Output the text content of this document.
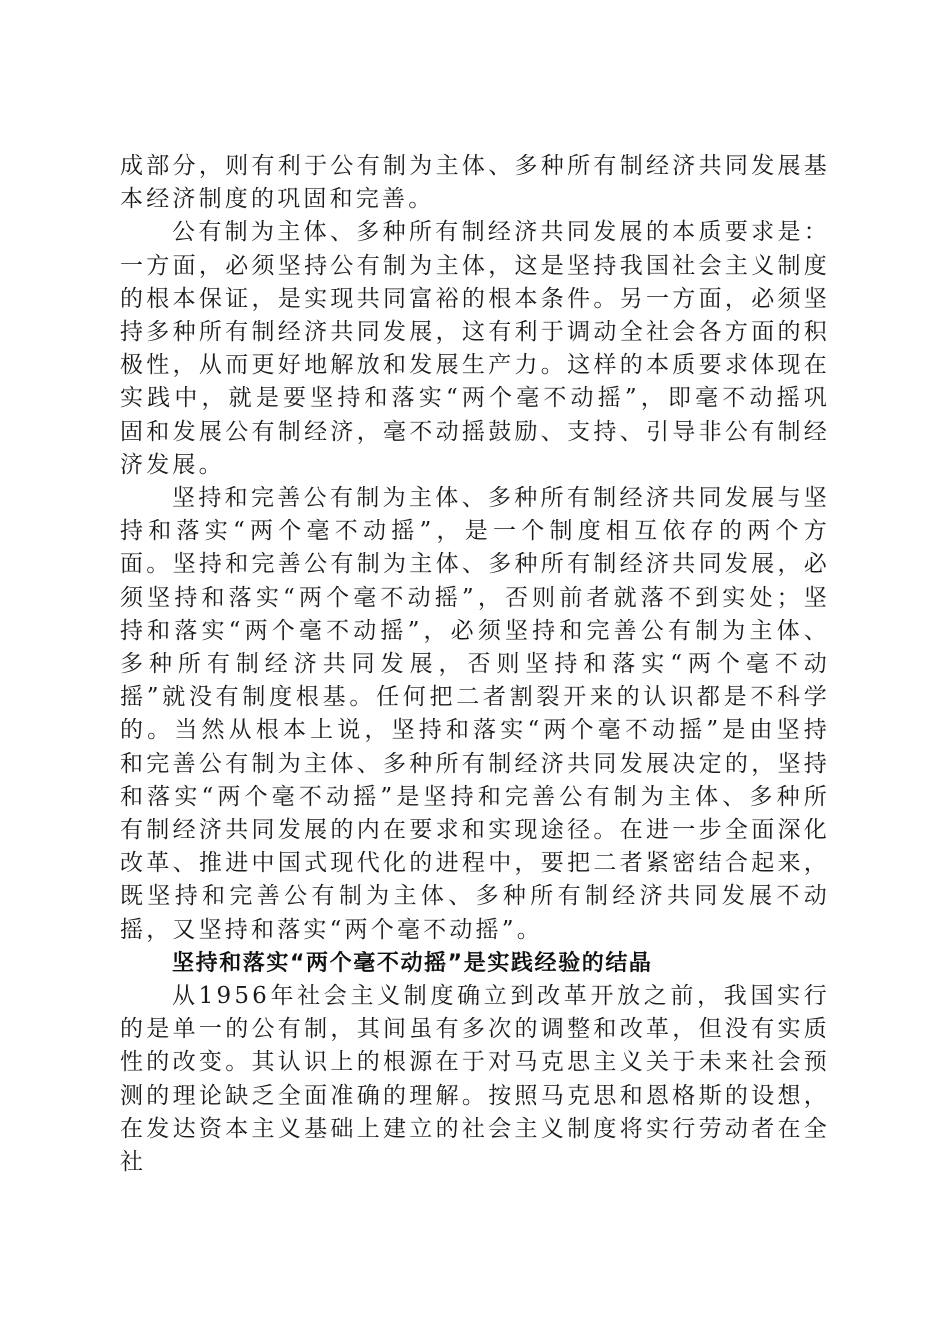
成部分，则有利于公有制为主体、多种所有制经济共同发展基本经济制度的巩固和完善。

公有制为主体、多种所有制经济共同发展的本质要求是：一方面，必须坚持公有制为主体，这是坚持我国社会主义制度的根本保证，是实现共同富裕的根本条件。另一方面，必须坚持多种所有制经济共同发展，这有利于调动全社会各方面的积极性，从而更好地解放和发展生产力。这样的本质要求体现在实践中，就是要坚持和落实“两个毫不动摇”，即毫不动摇巩固和发展公有制经济，毫不动摇鼓励、支持、引导非公有制经济发展。

坚持和完善公有制为主体、多种所有制经济共同发展与坚持和落实“两个毫不动摇”，是一个制度相互依存的两个方面。坚持和完善公有制为主体、多种所有制经济共同发展，必须坚持和落实“两个毫不动摇”，否则前者就落不到实处；坚持和落实“两个毫不动摇”，必须坚持和完善公有制为主体、多种所有制经济共同发展，否则坚持和落实“两个毫不动摇”就没有制度根基。任何把二者割裂开来的认识都是不科学的。当然从根本上说，坚持和落实“两个毫不动摇”是由坚持和完善公有制为主体、多种所有制经济共同发展决定的，坚持和落实“两个毫不动摇”是坚持和完善公有制为主体、多种所有制经济共同发展的内在要求和实现途径。在进一步全面深化改革、推进中国式现代化的进程中，要把二者紧密结合起来，既坚持和完善公有制为主体、多种所有制经济共同发展不动摇，又坚持和落实“两个毫不动摇”。

坚持和落实“两个毫不动摇”是实践经验的结晶

从1956年社会主义制度确立到改革开放之前，我国实行的是单一的公有制，其间虽有多次的调整和改革，但没有实质性的改变。其认识上的根源在于对马克思主义关于未来社会预测的理论缺乏全面准确的理解。按照马克思和恩格斯的设想，在发达资本主义基础上建立的社会主义制度将实行劳动者在全社
